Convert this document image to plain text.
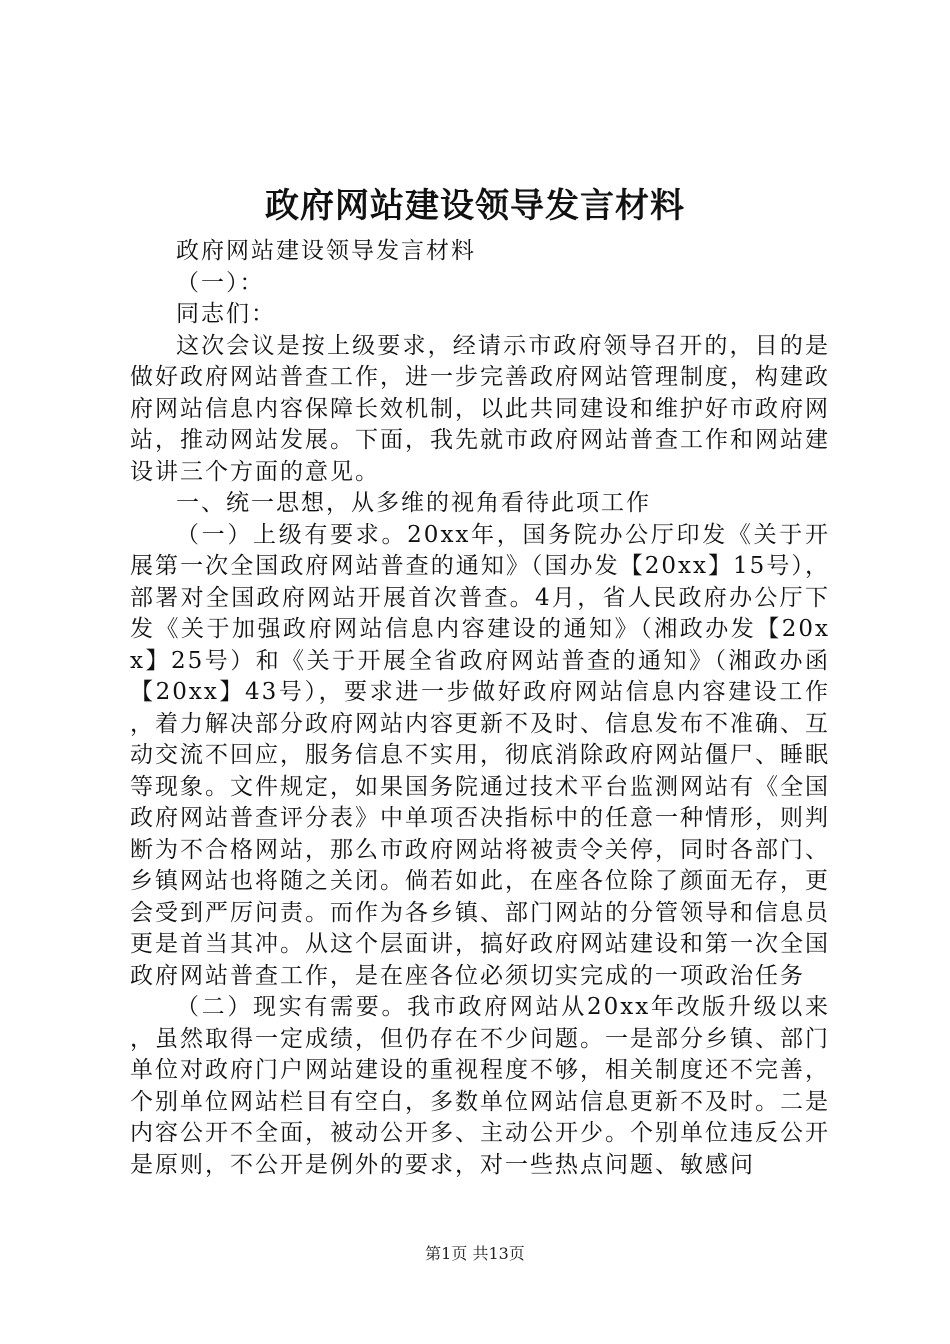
政府网站建设领导发言材料

政府网站建设领导发言材料

（一）：

同志们：

这次会议是按上级要求，经请示市政府领导召开的，目的是做好政府网站普查工作，进一步完善政府网站管理制度，构建政府网站信息内容保障长效机制，以此共同建设和维护好市政府网站，推动网站发展。下面，我先就市政府网站普查工作和网站建设讲三个方面的意见。

一、统一思想，从多维的视角看待此项工作

（一）上级有要求。20xx年，国务院办公厅印发《关于开展第一次全国政府网站普查的通知》（国办发【20xx】15号），部署对全国政府网站开展首次普查。4月，省人民政府办公厅下发《关于加强政府网站信息内容建设的通知》（湘政办发【20xx】25号）和《关于开展全省政府网站普查的通知》（湘政办函【20xx】43号），要求进一步做好政府网站信息内容建设工作，着力解决部分政府网站内容更新不及时、信息发布不准确、互动交流不回应，服务信息不实用，彻底消除政府网站僵尸、睡眠等现象。文件规定，如果国务院通过技术平台监测网站有《全国政府网站普查评分表》中单项否决指标中的任意一种情形，则判断为不合格网站，那么市政府网站将被责令关停，同时各部门、乡镇网站也将随之关闭。倘若如此，在座各位除了颜面无存，更会受到严厉问责。而作为各乡镇、部门网站的分管领导和信息员更是首当其冲。从这个层面讲，搞好政府网站建设和第一次全国政府网站普查工作，是在座各位必须切实完成的一项政治任务

（二）现实有需要。我市政府网站从20xx年改版升级以来，虽然取得一定成绩，但仍存在不少问题。一是部分乡镇、部门单位对政府门户网站建设的重视程度不够，相关制度还不完善，个别单位网站栏目有空白，多数单位网站信息更新不及时。二是内容公开不全面，被动公开多、主动公开少。个别单位违反公开是原则，不公开是例外的要求，对一些热点问题、敏感问

第1页 共13页
